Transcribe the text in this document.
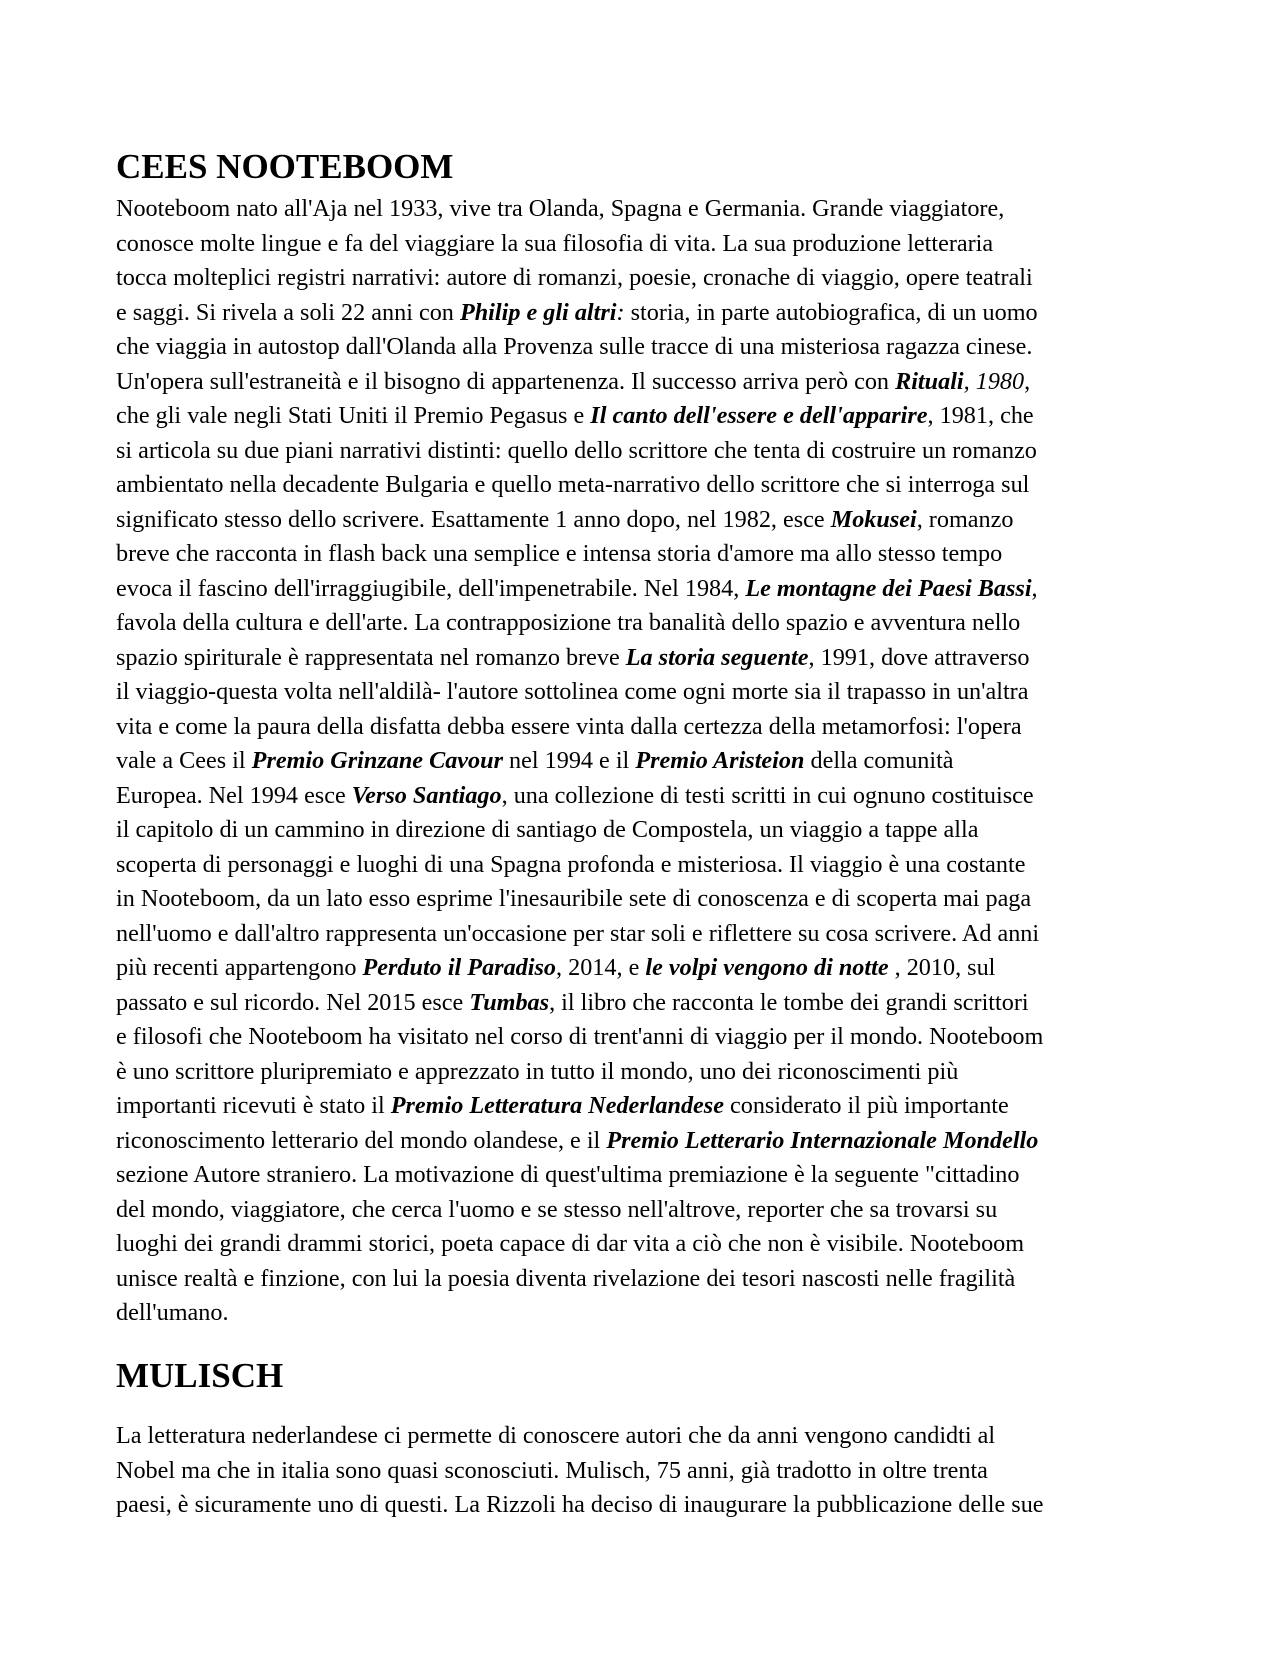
CEES NOOTEBOOM
Nooteboom nato all'Aja nel 1933, vive tra Olanda, Spagna e Germania. Grande viaggiatore,
conosce molte lingue e fa del viaggiare la sua filosofia di vita. La sua produzione letteraria
tocca molteplici registri narrativi: autore di romanzi, poesie, cronache di viaggio, opere teatrali
e saggi. Si rivela a soli 22 anni con Philip e gli altri: storia, in parte autobiografica, di un uomo
che viaggia in autostop dall'Olanda alla Provenza sulle tracce di una misteriosa ragazza cinese.
Un'opera sull'estraneità e il bisogno di appartenenza. Il successo arriva però con Rituali, 1980,
che gli vale negli Stati Uniti il Premio Pegasus e Il canto dell'essere e dell'apparire, 1981, che
si articola su due piani narrativi distinti: quello dello scrittore che tenta di costruire un romanzo
ambientato nella decadente Bulgaria e quello meta-narrativo dello scrittore che si interroga sul
significato stesso dello scrivere. Esattamente 1 anno dopo, nel 1982, esce Mokusei, romanzo
breve che racconta in flash back una semplice e intensa storia d'amore ma allo stesso tempo
evoca il fascino dell'irraggiugibile, dell'impenetrabile. Nel 1984, Le montagne dei Paesi Bassi,
favola della cultura e dell'arte. La contrapposizione tra banalità dello spazio e avventura nello
spazio spiriturale è rappresentata nel romanzo breve La storia seguente, 1991, dove attraverso
il viaggio-questa volta nell'aldilà- l'autore sottolinea come ogni morte sia il trapasso in un'altra
vita e come la paura della disfatta debba essere vinta dalla certezza della metamorfosi: l'opera
vale a Cees il Premio Grinzane Cavour nel 1994 e il Premio Aristeion della comunità
Europea. Nel 1994 esce Verso Santiago, una collezione di testi scritti in cui ognuno costituisce
il capitolo di un cammino in direzione di santiago de Compostela, un viaggio a tappe alla
scoperta di personaggi e luoghi di una Spagna profonda e misteriosa. Il viaggio è una costante
in Nooteboom, da un lato esso esprime l'inesauribile sete di conoscenza e di scoperta mai paga
nell'uomo e dall'altro rappresenta un'occasione per star soli e riflettere su cosa scrivere. Ad anni
più recenti appartengono Perduto il Paradiso, 2014, e le volpi vengono di notte , 2010, sul
passato e sul ricordo. Nel 2015 esce Tumbas, il libro che racconta le tombe dei grandi scrittori
e filosofi che Nooteboom ha visitato nel corso di trent'anni di viaggio per il mondo. Nooteboom
è uno scrittore pluripremiato e apprezzato in tutto il mondo, uno dei riconoscimenti più
importanti ricevuti è stato il Premio Letteratura Nederlandese considerato il più importante
riconoscimento letterario del mondo olandese, e il Premio Letterario Internazionale Mondello
sezione Autore straniero. La motivazione di quest'ultima premiazione è la seguente "cittadino
del mondo, viaggiatore, che cerca l'uomo e se stesso nell'altrove, reporter che sa trovarsi su
luoghi dei grandi drammi storici, poeta capace di dar vita a ciò che non è visibile. Nooteboom
unisce realtà e finzione, con lui la poesia diventa rivelazione dei tesori nascosti nelle fragilità
dell'umano.
MULISCH
La letteratura nederlandese ci permette di conoscere autori che da anni vengono candidti al
Nobel ma che in italia sono quasi sconosciuti. Mulisch, 75 anni, già tradotto in oltre trenta
paesi, è sicuramente uno di questi. La Rizzoli ha deciso di inaugurare la pubblicazione delle sue
